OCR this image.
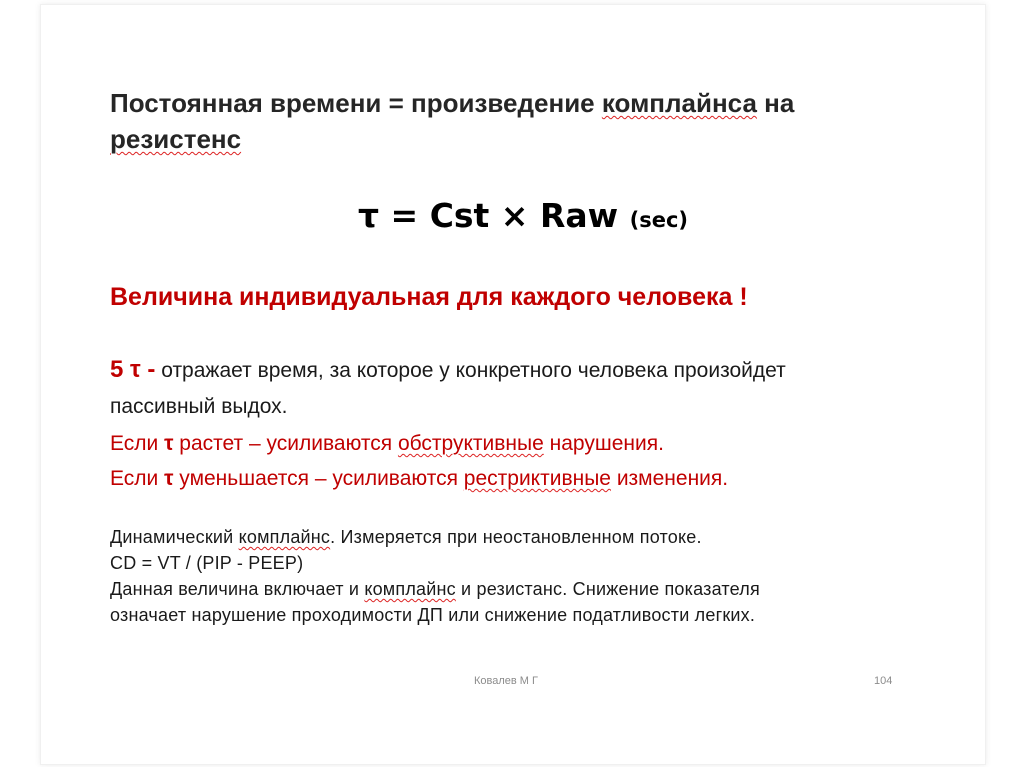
Постоянная времени = произведение комплайнса на
резистенс
τ = Cst × Raw (sec)
Величина индивидуальная для каждого человека !
5 τ - отражает время, за которое у конкретного человека произойдет
пассивный выдох.
Если τ растет – усиливаются обструктивные нарушения.
Если τ уменьшается – усиливаются рестриктивные изменения.
Динамический комплайнс. Измеряется при неостановленном потоке.
CD = VT / (PIP - PEEP)
Данная величина включает и комплайнс и резистанс. Снижение показателя
означает нарушение проходимости ДП или снижение податливости легких.
Ковалев М Г	104
